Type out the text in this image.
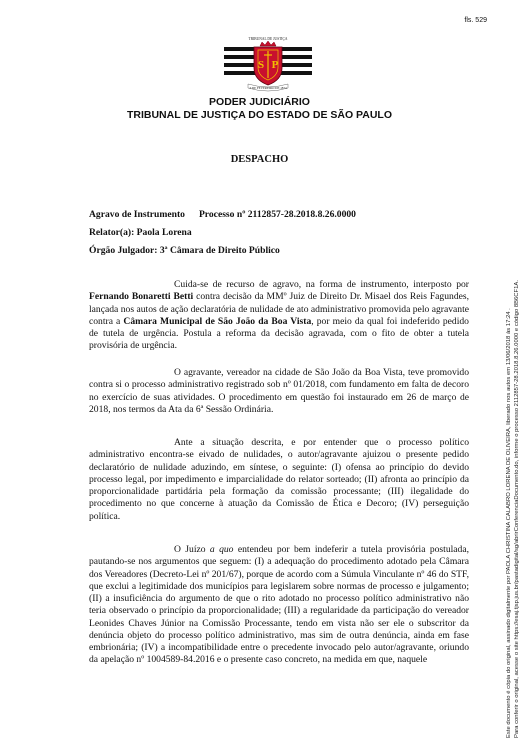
fls. 529
TRIBUNAL DE JUSTIÇA
S P
3 DE FEVEREIRO DE 1874
PODER JUDICIÁRIO
TRIBUNAL DE JUSTIÇA DO ESTADO DE SÃO PAULO
DESPACHO
Agravo de Instrumento Processo nº 2112857-28.2018.8.26.0000
Relator(a): Paola Lorena
Órgão Julgador: 3ª Câmara de Direito Público

Cuida-se de recurso de agravo, na forma de instrumento, interposto por Fernando Bonaretti Betti contra decisão da MMº Juiz de Direito Dr. Misael dos Reis Fagundes, lançada nos autos de ação declaratória de nulidade de ato administrativo promovida pelo agravante contra a Câmara Municipal de São João da Boa Vista, por meio da qual foi indeferido pedido de tutela de urgência. Postula a reforma da decisão agravada, com o fito de obter a tutela provisória de urgência.

O agravante, vereador na cidade de São João da Boa Vista, teve promovido contra si o processo administrativo registrado sob nº 01/2018, com fundamento em falta de decoro no exercício de suas atividades. O procedimento em questão foi instaurado em 26 de março de 2018, nos termos da Ata da 6ª Sessão Ordinária.

Ante a situação descrita, e por entender que o processo político administrativo encontra-se eivado de nulidades, o autor/agravante ajuizou o presente pedido declaratório de nulidade aduzindo, em síntese, o seguinte: (I) ofensa ao princípio do devido processo legal, por impedimento e imparcialidade do relator sorteado; (II) afronta ao princípio da proporcionalidade partidária pela formação da comissão processante; (III) ilegalidade do procedimento no que concerne à atuação da Comissão de Ética e Decoro; (IV) perseguição política.

O Juízo a quo entendeu por bem indeferir a tutela provisória postulada, pautando-se nos argumentos que seguem: (I) a adequação do procedimento adotado pela Câmara dos Vereadores (Decreto-Lei nº 201/67), porque de acordo com a Súmula Vinculante nº 46 do STF, que exclui a legitimidade dos municípios para legislarem sobre normas de processo e julgamento; (II) a insuficiência do argumento de que o rito adotado no processo político administrativo não teria observado o princípio da proporcionalidade; (III) a regularidade da participação do vereador Leonides Chaves Júnior na Comissão Processante, tendo em vista não ser ele o subscritor da denúncia objeto do processo político administrativo, mas sim de outra denúncia, ainda em fase embrionária; (IV) a incompatibilidade entre o precedente invocado pelo autor/agravante, oriundo da apelação nº 1004589-84.2016 e o presente caso concreto, na medida em que, naquele	Este documento é cópia do original, assinado digitalmente por PAOLA CHRISTINA CALABRO LORENA DE OLIVEIRA, liberado nos autos em 13/06/2018 às 17:24 . Para conferir o original, acesse o site https://esaj.tjsp.jus.br/pastadigital/sg/abrirConferenciaDocumento.do, informe o processo 2112857-28.2018.8.26.0000 e código 8B6CF1A.
